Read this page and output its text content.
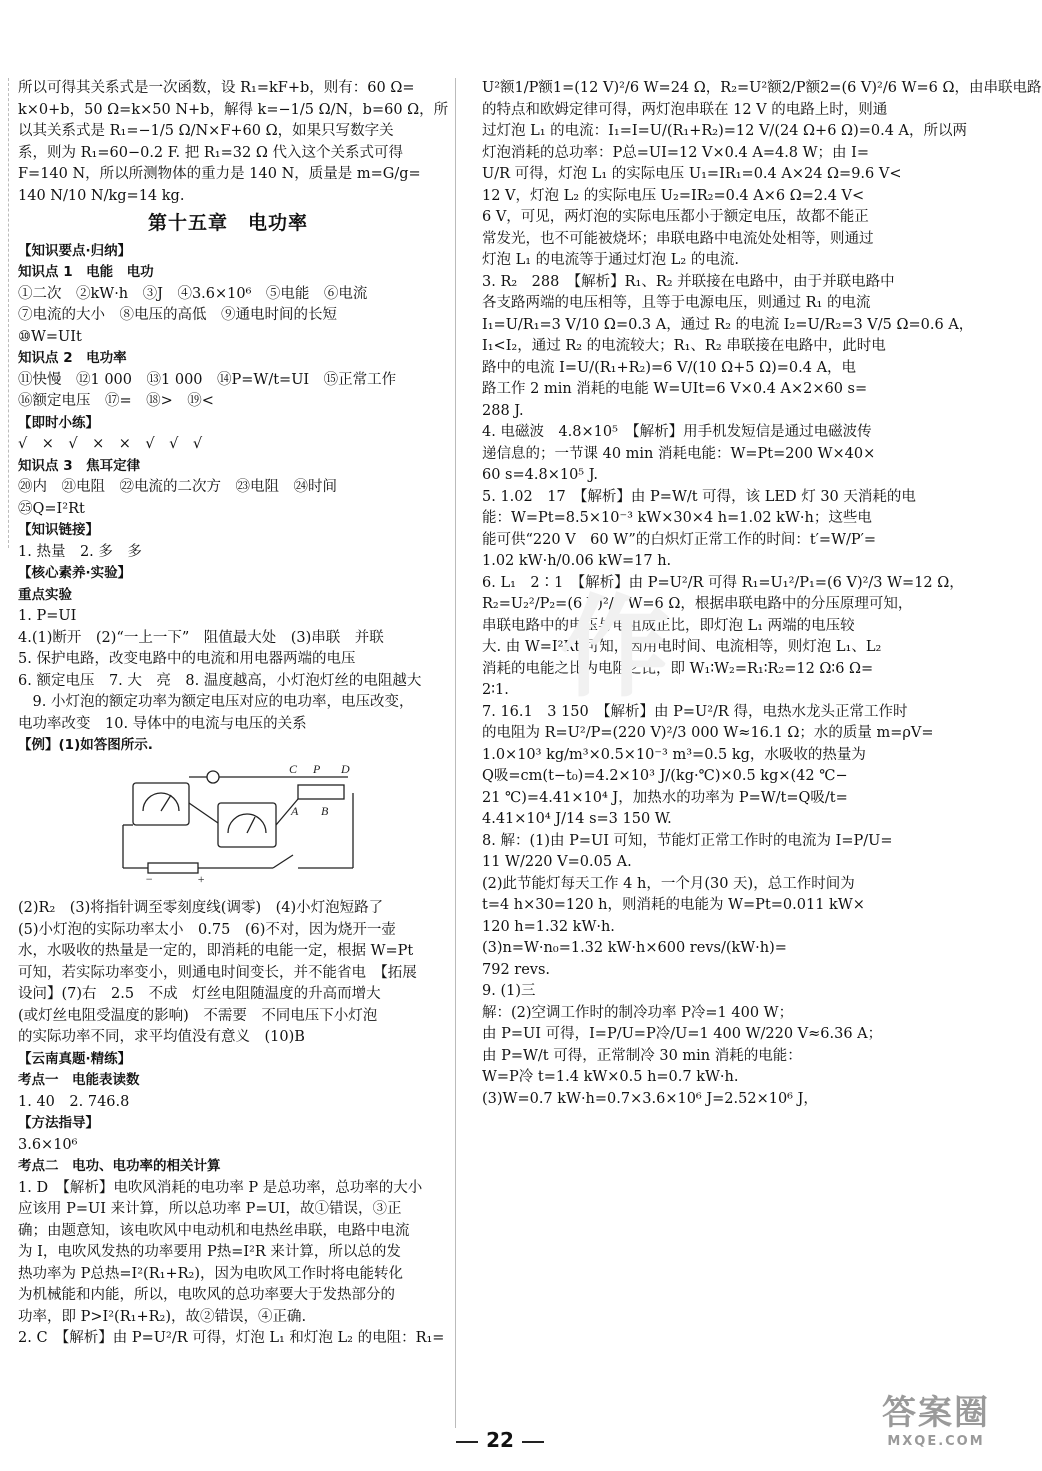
所以可得其关系式是一次函数，设 R₁=kF+b，则有：60 Ω=
k×0+b，50 Ω=k×50 N+b，解得 k=−1/5 Ω/N，b=60 Ω，所
以其关系式是 R₁=−1/5 Ω/N×F+60 Ω，如果只写数字关
系，则为 R₁=60−0.2 F. 把 R₁=32 Ω 代入这个关系式可得
F=140 N，所以所测物体的重力是 140 N，质量是 m=G/g=
140 N/10 N/kg=14 kg.
第十五章　电功率
【知识要点·归纳】
知识点 1　电能　电功
①二次　②kW·h　③J　④3.6×10⁶　⑤电能　⑥电流
⑦电流的大小　⑧电压的高低　⑨通电时间的长短
⑩W=UIt
知识点 2　电功率
⑪快慢　⑫1 000　⑬1 000　⑭P=W/t=UI　⑮正常工作
⑯额定电压　⑰=　⑱>　⑲<
【即时小练】
√　×　√　×　×　√　√　√
知识点 3　焦耳定律
⑳内　㉑电阻　㉒电流的二次方　㉓电阻　㉔时间
㉕Q=I²Rt
【知识链接】
1. 热量　2. 多　多
【核心素养·实验】
重点实验
1. P=UI
4.(1)断开　(2)“一上一下”　阻值最大处　(3)串联　并联
5. 保护电路，改变电路中的电流和用电器两端的电压
6. 额定电压　7. 大　亮　8. 温度越高，小灯泡灯丝的电阻越大
　9. 小灯泡的额定功率为额定电压对应的电功率，电压改变，
电功率改变　10. 导体中的电流与电压的关系
【例】(1)如答图所示.
C P D
A B
−	+
(2)R₂　(3)将指针调至零刻度线(调零)　(4)小灯泡短路了
(5)小灯泡的实际功率太小　0.75　(6)不对，因为烧开一壶
水，水吸收的热量是一定的，即消耗的电能一定，根据 W=Pt
可知，若实际功率变小，则通电时间变长，并不能省电　【拓展
设问】(7)右　2.5　不成　灯丝电阻随温度的升高而增大
(或灯丝电阻受温度的影响)　不需要　不同电压下小灯泡
的实际功率不同，求平均值没有意义　(10)B
【云南真题·精练】
考点一　电能表读数
1. 40　2. 746.8
【方法指导】
3.6×10⁶
考点二　电功、电功率的相关计算
1. D　【解析】电吹风消耗的电功率 P 是总功率，总功率的大小
应该用 P=UI 来计算，所以总功率 P=UI，故①错误，③正
确；由题意知，该电吹风中电动机和电热丝串联，电路中电流
为 I，电吹风发热的功率要用 P热=I²R 来计算，所以总的发
热功率为 P总热=I²(R₁+R₂)，因为电吹风工作时将电能转化
为机械能和内能，所以，电吹风的总功率要大于发热部分的
功率，即 P>I²(R₁+R₂)，故②错误，④正确.
2. C　【解析】由 P=U²/R 可得，灯泡 L₁ 和灯泡 L₂ 的电阻：R₁=
U²额1/P额1=(12 V)²/6 W=24 Ω，R₂=U²额2/P额2=(6 V)²/6 W=6 Ω，由串联电路
的特点和欧姆定律可得，两灯泡串联在 12 V 的电路上时，则通
过灯泡 L₁ 的电流：I₁=I=U/(R₁+R₂)=12 V/(24 Ω+6 Ω)=0.4 A，所以两
灯泡消耗的总功率：P总=UI=12 V×0.4 A=4.8 W；由 I=
U/R 可得，灯泡 L₁ 的实际电压 U₁=IR₁=0.4 A×24 Ω=9.6 V<
12 V，灯泡 L₂ 的实际电压 U₂=IR₂=0.4 A×6 Ω=2.4 V<
6 V，可见，两灯泡的实际电压都小于额定电压，故都不能正
常发光，也不可能被烧坏；串联电路中电流处处相等，则通过
灯泡 L₁ 的电流等于通过灯泡 L₂ 的电流.
3. R₂　288　【解析】R₁、R₂ 并联接在电路中，由于并联电路中
各支路两端的电压相等，且等于电源电压，则通过 R₁ 的电流
I₁=U/R₁=3 V/10 Ω=0.3 A，通过 R₂ 的电流 I₂=U/R₂=3 V/5 Ω=0.6 A，
I₁<I₂，通过 R₂ 的电流较大；R₁、R₂ 串联接在电路中，此时电
路中的电流 I=U/(R₁+R₂)=6 V/(10 Ω+5 Ω)=0.4 A，电
路工作 2 min 消耗的电能 W=UIt=6 V×0.4 A×2×60 s=
288 J.
4. 电磁波　4.8×10⁵　【解析】用手机发短信是通过电磁波传
递信息的；一节课 40 min 消耗电能：W=Pt=200 W×40×
60 s=4.8×10⁵ J.
5. 1.02　17　【解析】由 P=W/t 可得，该 LED 灯 30 天消耗的电
能：W=Pt=8.5×10⁻³ kW×30×4 h=1.02 kW·h；这些电
能可供“220 V　60 W”的白炽灯正常工作的时间：t′=W/P′=
1.02 kW·h/0.06 kW=17 h.
6. L₁　2∶1　【解析】由 P=U²/R 可得 R₁=U₁²/P₁=(6 V)²/3 W=12 Ω，
R₂=U₂²/P₂=(6 V)²/6 W=6 Ω，根据串联电路中的分压原理可知，
串联电路中的电压与电阻成正比，即灯泡 L₁ 两端的电压较
大. 由 W=I²Rt 可知，因用电时间、电流相等，则灯泡 L₁、L₂
消耗的电能之比为电阻之比，即 W₁∶W₂=R₁∶R₂=12 Ω∶6 Ω=
2∶1.
7. 16.1　3 150　【解析】由 P=U²/R 得，电热水龙头正常工作时
的电阻为 R=U²/P=(220 V)²/3 000 W≈16.1 Ω；水的质量 m=ρV=
1.0×10³ kg/m³×0.5×10⁻³ m³=0.5 kg，水吸收的热量为
Q吸=cm(t−t₀)=4.2×10³ J/(kg·℃)×0.5 kg×(42 ℃−
21 ℃)=4.41×10⁴ J，加热水的功率为 P=W/t=Q吸/t=
4.41×10⁴ J/14 s=3 150 W.
8. 解：(1)由 P=UI 可知，节能灯正常工作时的电流为 I=P/U=
11 W/220 V=0.05 A.
(2)此节能灯每天工作 4 h，一个月(30 天)，总工作时间为
t=4 h×30=120 h，则消耗的电能为 W=Pt=0.011 kW×
120 h=1.32 kW·h.
(3)n=W·n₀=1.32 kW·h×600 revs/(kW·h)=
792 revs.
9. (1)三
解：(2)空调工作时的制冷功率 P冷=1 400 W；
由 P=UI 可得，I=P/U=P冷/U=1 400 W/220 V≈6.36 A；
由 P=W/t 可得，正常制冷 30 min 消耗的电能：
W=P冷 t=1.4 kW×0.5 h=0.7 kW·h.
(3)W=0.7 kW·h=0.7×3.6×10⁶ J=2.52×10⁶ J，
作
22
答案圈
MXQE.COM
